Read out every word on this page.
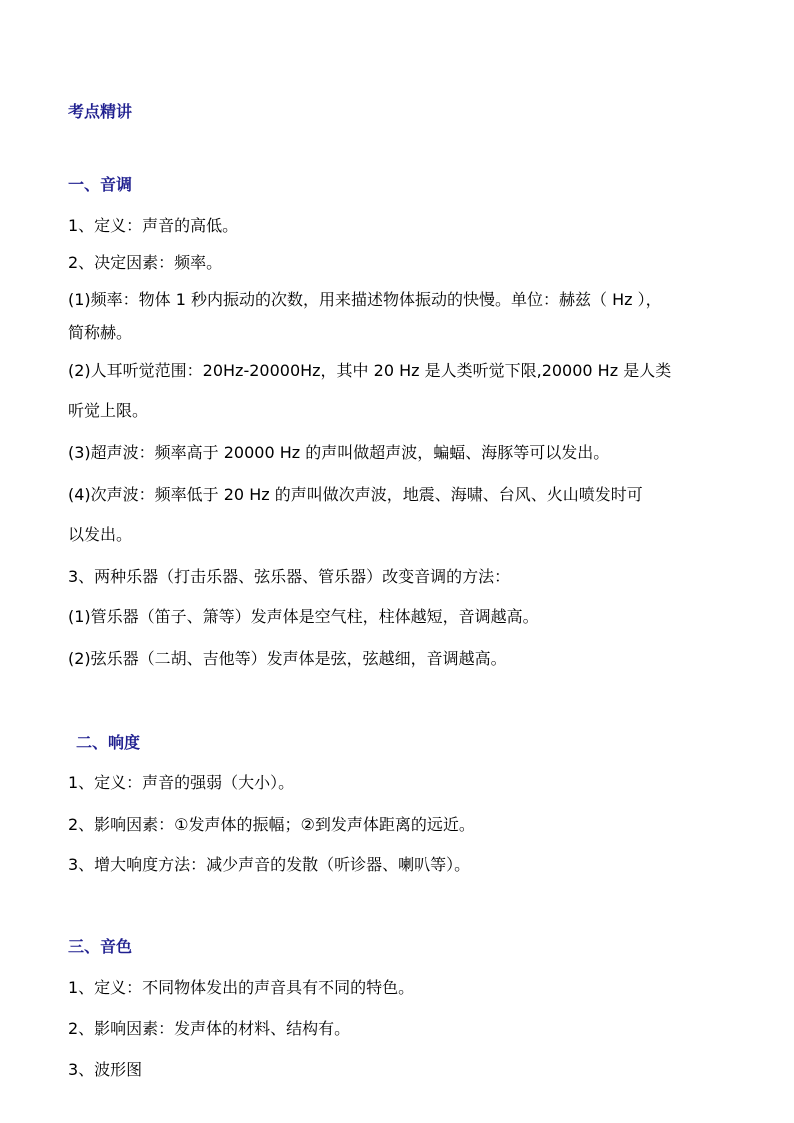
考点精讲
一、音调
1、定义：声音的高低。
2、决定因素：频率。
(1)频率：物体 1 秒内振动的次数，用来描述物体振动的快慢。单位：赫兹（ Hz ），
简称赫。
(2)人耳听觉范围：20Hz-20000Hz，其中 20 Hz 是人类听觉下限,20000 Hz 是人类
听觉上限。
(3)超声波：频率高于 20000 Hz 的声叫做超声波，蝙蝠、海豚等可以发出。
(4)次声波：频率低于 20 Hz 的声叫做次声波，地震、海啸、台风、火山喷发时可
以发出。
3、两种乐器（打击乐器、弦乐器、管乐器）改变音调的方法：
(1)管乐器（笛子、箫等）发声体是空气柱，柱体越短，音调越高。
(2)弦乐器（二胡、吉他等）发声体是弦，弦越细，音调越高。
二、响度
1、定义：声音的强弱（大小）。
2、影响因素：①发声体的振幅；②到发声体距离的远近。
3、增大响度方法：减少声音的发散（听诊器、喇叭等）。
三、音色
1、定义：不同物体发出的声音具有不同的特色。
2、影响因素：发声体的材料、结构有。
3、波形图
